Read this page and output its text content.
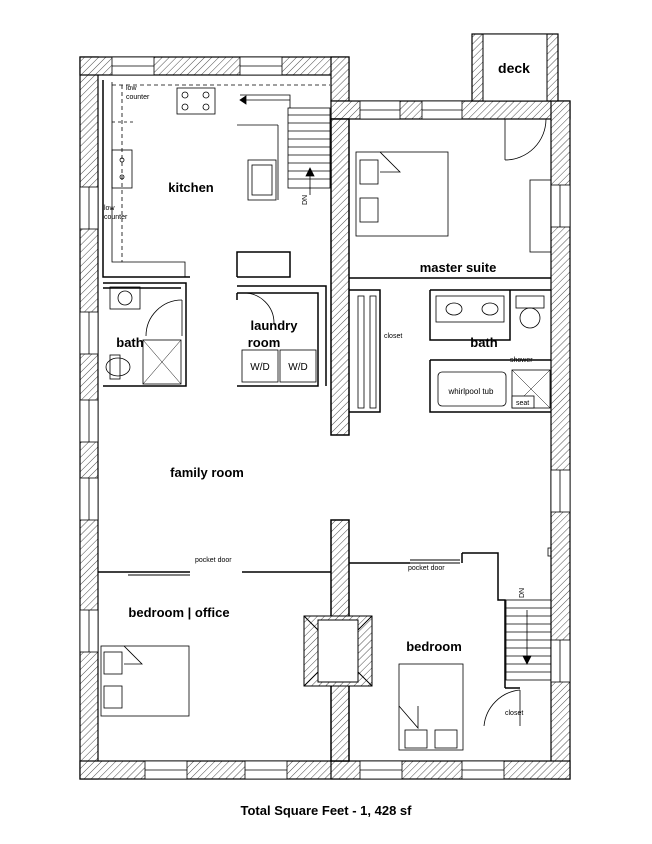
deck
low
counter
low
counter
DN
W/D W/D
closet
shower
whirlpool tub
seat
pocket door
pocket door
DN
closet
kitchen
master suite
bath
laundry
room	bath
family room
bedroom | office
bedroom
Total Square Feet - 1, 428 sf
